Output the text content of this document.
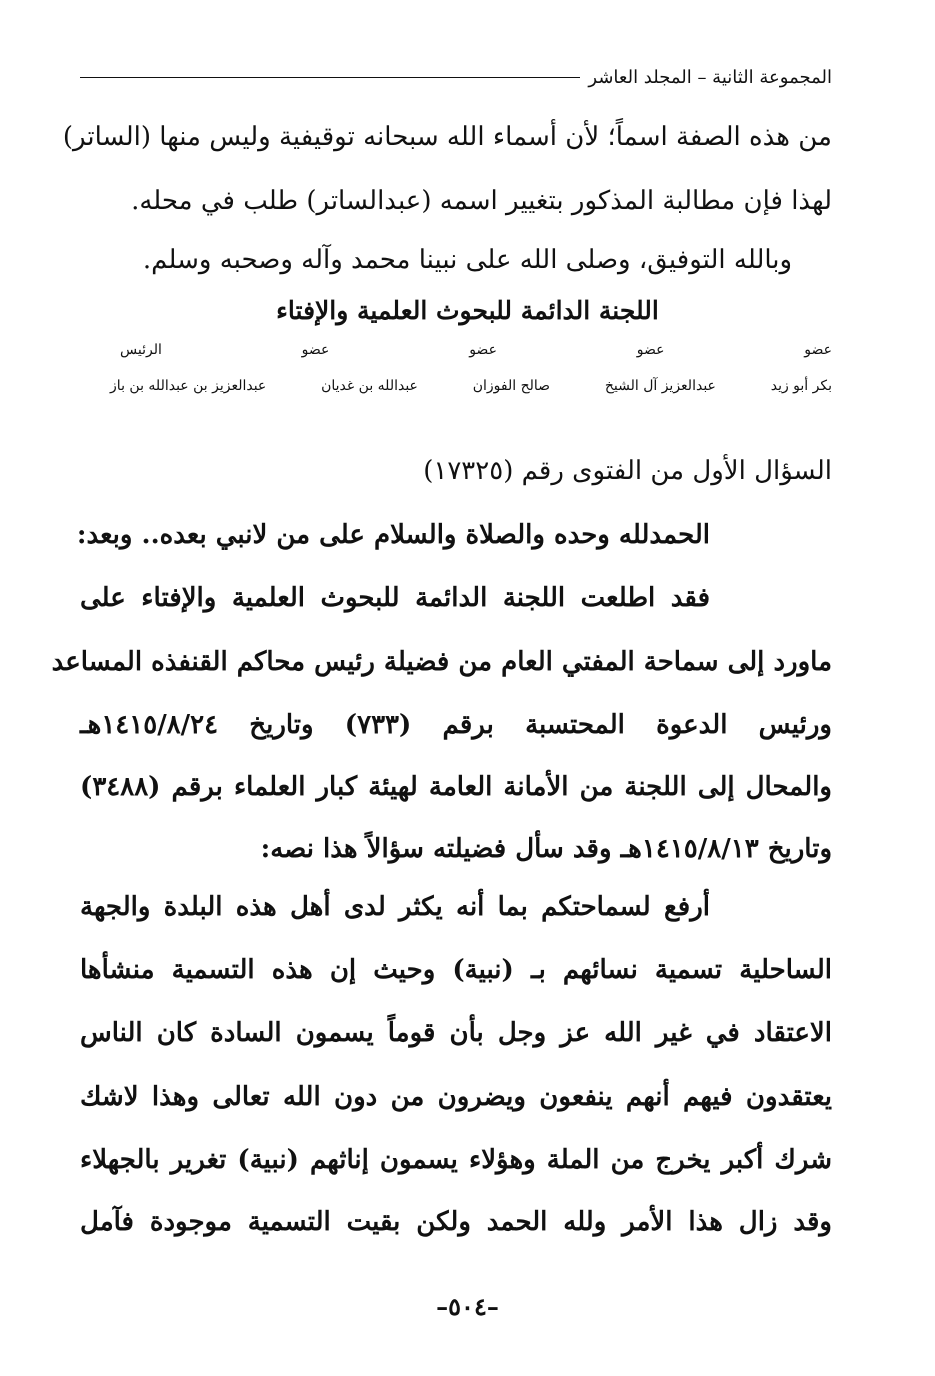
المجموعة الثانية – المجلد العاشر
من هذه الصفة اسماً؛ لأن أسماء الله سبحانه توقيفية وليس منها (الساتر)
لهذا فإن مطالبة المذكور بتغيير اسمه (عبدالساتر) طلب في محله.
وبالله التوفيق، وصلى الله على نبينا محمد وآله وصحبه وسلم.
اللجنة الدائمة للبحوث العلمية والإفتاء
عضو
عضو
عضو
عضو
الرئيس
بكر أبو زيد
عبدالعزيز آل الشيخ
صالح الفوزان
عبدالله بن غديان
عبدالعزيز بن عبدالله بن باز
السؤال الأول من الفتوى رقم (١٧٣٢٥)
الحمدلله وحده والصلاة والسلام على من لانبي بعده.. وبعد:
فقد اطلعت اللجنة الدائمة للبحوث العلمية والإفتاء على
ماورد إلى سماحة المفتي العام من فضيلة رئيس محاكم القنفذه المساعد
ورئيس الدعوة المحتسبة برقم (٧٣٣) وتاريخ ١٤١٥/٨/٢٤هـ
والمحال إلى اللجنة من الأمانة العامة لهيئة كبار العلماء برقم (٣٤٨٨)
وتاريخ ١٤١٥/٨/١٣هـ وقد سأل فضيلته سؤالاً هذا نصه:
أرفع لسماحتكم بما أنه يكثر لدى أهل هذه البلدة والجهة
الساحلية تسمية نسائهم بـ (نبية) وحيث إن هذه التسمية منشأها
الاعتقاد في غير الله عز وجل بأن قوماً يسمون السادة كان الناس
يعتقدون فيهم أنهم ينفعون ويضرون من دون الله تعالى وهذا لاشك
شرك أكبر يخرج من الملة وهؤلاء يسمون إناثهم (نبية) تغرير بالجهلاء
وقد زال هذا الأمر ولله الحمد ولكن بقيت التسمية موجودة فآمل
–٥٠٤–
